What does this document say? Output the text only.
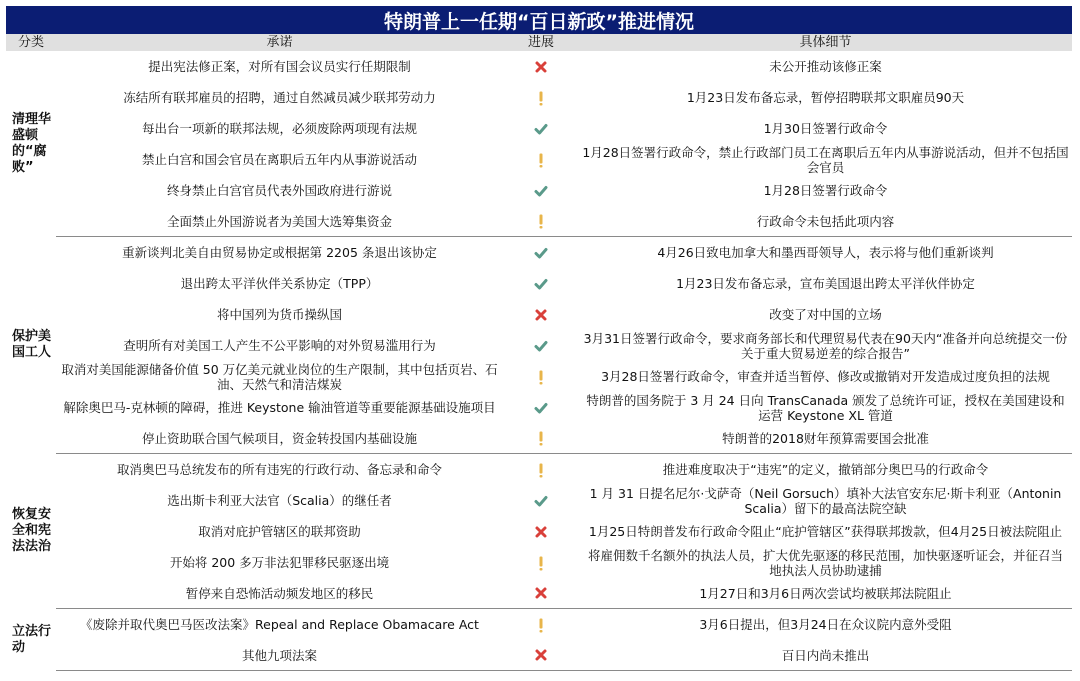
特朗普上一任期“百日新政”推进情况
分类	承诺	进展	具体细节
清理华盛顿的“腐败”	提出宪法修正案，对所有国会议员实行任期限制		未公开推动该修正案
	冻结所有联邦雇员的招聘，通过自然减员减少联邦劳动力		1月23日发布备忘录，暂停招聘联邦文职雇员90天
	每出台一项新的联邦法规，必须废除两项现有法规		1月30日签署行政命令
	禁止白宫和国会官员在离职后五年内从事游说活动		1月28日签署行政命令，禁止行政部门员工在离职后五年内从事游说活动，但并不包括国会官员
	终身禁止白宫官员代表外国政府进行游说		1月28日签署行政命令
	全面禁止外国游说者为美国大选筹集资金		行政命令未包括此项内容
保护美国工人	重新谈判北美自由贸易协定或根据第 2205 条退出该协定		4月26日致电加拿大和墨西哥领导人，表示将与他们重新谈判
	退出跨太平洋伙伴关系协定（TPP）		1月23日发布备忘录，宣布美国退出跨太平洋伙伴协定
	将中国列为货币操纵国		改变了对中国的立场
	查明所有对美国工人产生不公平影响的对外贸易滥用行为		3月31日签署行政命令，要求商务部长和代理贸易代表在90天内“准备并向总统提交一份关于重大贸易逆差的综合报告”
	取消对美国能源储备价值 50 万亿美元就业岗位的生产限制，其中包括页岩、石油、天然气和清洁煤炭		3月28日签署行政命令，审查并适当暂停、修改或撤销对开发造成过度负担的法规
	解除奥巴马-克林顿的障碍，推进 Keystone 输油管道等重要能源基础设施项目		特朗普的国务院于 3 月 24 日向 TransCanada 颁发了总统许可证，授权在美国建设和运营 Keystone XL 管道
	停止资助联合国气候项目，资金转投国内基础设施		特朗普的2018财年预算需要国会批准
恢复安全和宪法法治	取消奥巴马总统发布的所有违宪的行政行动、备忘录和命令		推进难度取决于“违宪”的定义，撤销部分奥巴马的行政命令
	选出斯卡利亚大法官（Scalia）的继任者		1 月 31 日提名尼尔·戈萨奇（Neil Gorsuch）填补大法官安东尼·斯卡利亚（Antonin Scalia）留下的最高法院空缺
	取消对庇护管辖区的联邦资助		1月25日特朗普发布行政命令阻止“庇护管辖区”获得联邦拨款，但4月25日被法院阻止
	开始将 200 多万非法犯罪移民驱逐出境		将雇佣数千名额外的执法人员，扩大优先驱逐的移民范围，加快驱逐听证会，并征召当地执法人员协助逮捕
	暂停来自恐怖活动频发地区的移民		1月27日和3月6日两次尝试均被联邦法院阻止
立法行动	《废除并取代奥巴马医改法案》Repeal and Replace Obamacare Act		3月6日提出，但3月24日在众议院内意外受阻
	其他九项法案		百日内尚未推出
